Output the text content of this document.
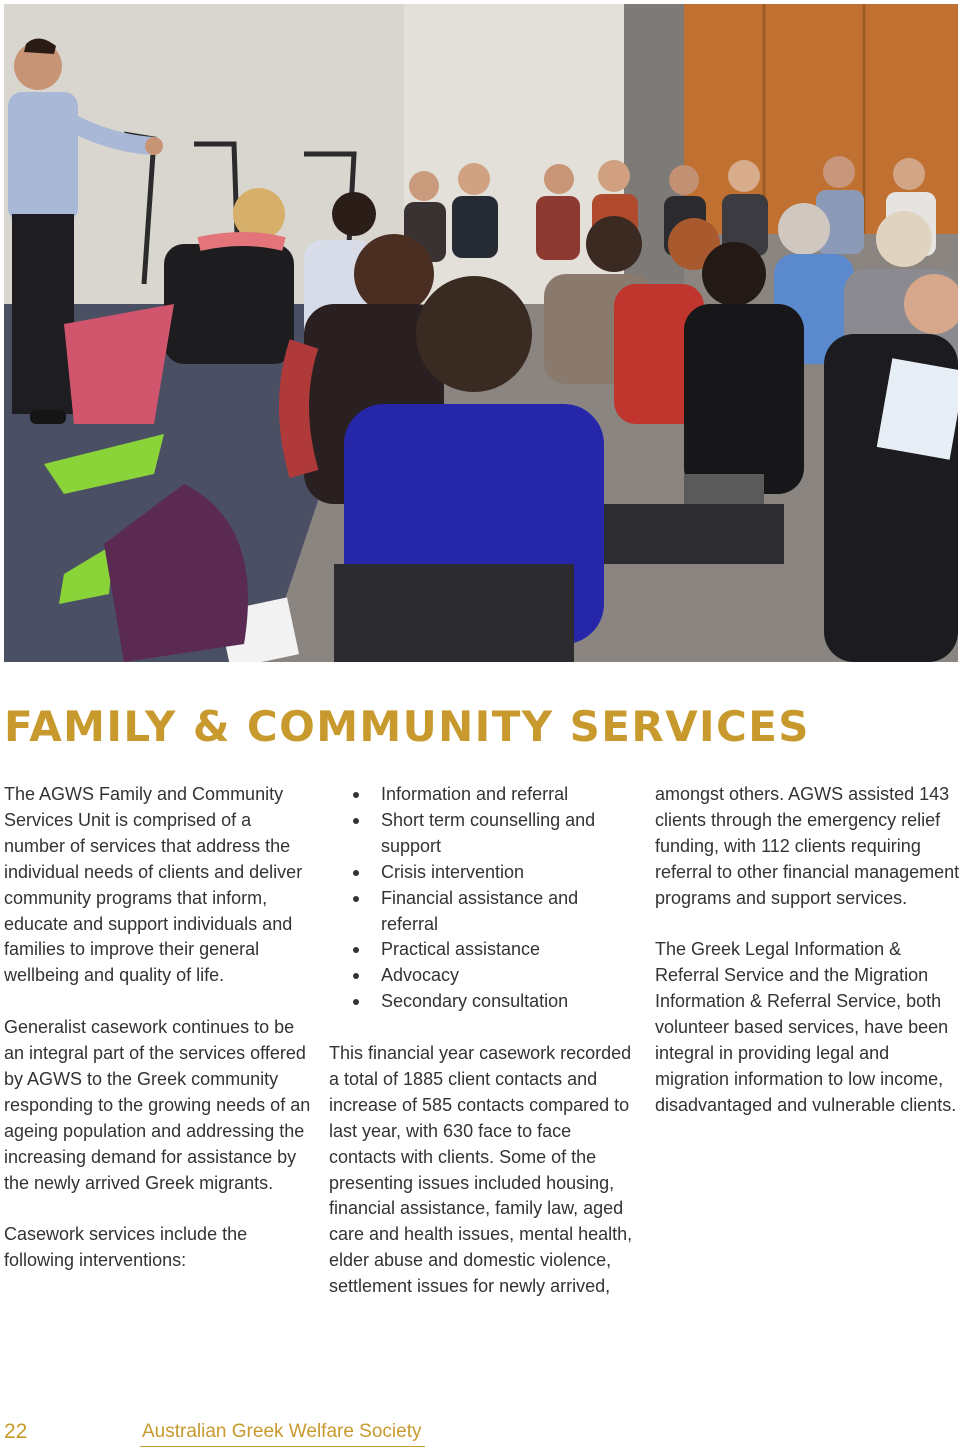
FAMILY & COMMUNITY SERVICES

The AGWS Family and Community Services Unit is comprised of a number of services that address the individual needs of clients and deliver community programs that inform, educate and support individuals and families to improve their general wellbeing and quality of life.

Generalist casework continues to be an integral part of the services offered by AGWS to the Greek community responding to the growing needs of an ageing population and addressing the increasing demand for assistance by the newly arrived Greek migrants.

Casework services include the following interventions:

Information and referral
Short term counselling and support
Crisis intervention
Financial assistance and referral
Practical assistance
Advocacy
Secondary consultation

This financial year casework recorded a total of 1885 client contacts and increase of 585 contacts compared to last year, with 630 face to face contacts with clients. Some of the presenting issues included housing, financial assistance, family law, aged care and health issues, mental health, elder abuse and domestic violence, settlement issues for newly arrived,

amongst others. AGWS assisted 143 clients through the emergency relief funding, with 112 clients requiring referral to other financial management programs and support services.

The Greek Legal Information & Referral Service and the Migration Information & Referral Service, both volunteer based services, have been integral in providing legal and migration information to low income, disadvantaged and vulnerable clients.

22	Australian Greek Welfare Society
